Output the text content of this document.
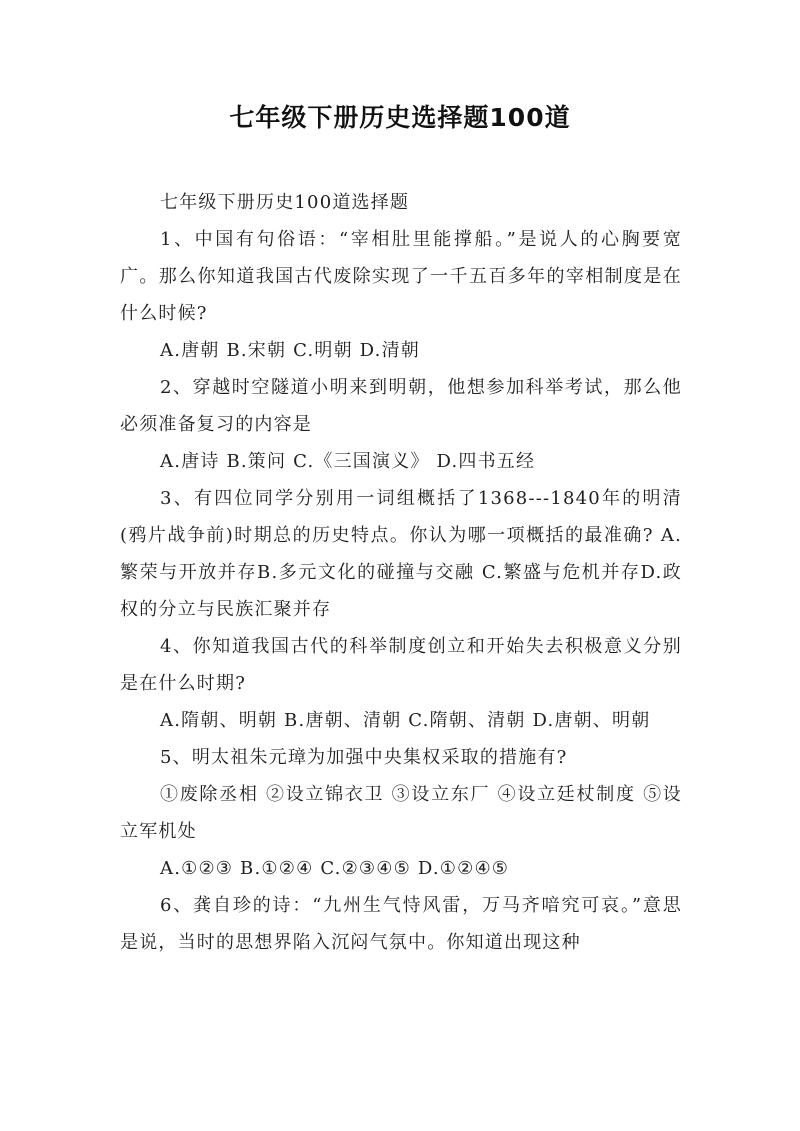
七年级下册历史选择题100道

七年级下册历史100道选择题

1、中国有句俗语：“宰相肚里能撑船。”是说人的心胸要宽广。那么你知道我国古代废除实现了一千五百多年的宰相制度是在什么时候?

A.唐朝 B.宋朝 C.明朝 D.清朝

2、穿越时空隧道小明来到明朝，他想参加科举考试，那么他必须准备复习的内容是

A.唐诗 B.策问 C.《三国演义》 D.四书五经

3、有四位同学分别用一词组概括了1368---1840年的明清(鸦片战争前)时期总的历史特点。你认为哪一项概括的最准确? A.繁荣与开放并存B.多元文化的碰撞与交融 C.繁盛与危机并存D.政权的分立与民族汇聚并存

4、你知道我国古代的科举制度创立和开始失去积极意义分别是在什么时期?

A.隋朝、明朝 B.唐朝、清朝 C.隋朝、清朝 D.唐朝、明朝

5、明太祖朱元璋为加强中央集权采取的措施有?

①废除丞相 ②设立锦衣卫 ③设立东厂 ④设立廷杖制度 ⑤设立军机处

A.①②③ B.①②④ C.②③④⑤ D.①②④⑤

6、龚自珍的诗：“九州生气恃风雷，万马齐喑究可哀。”意思是说，当时的思想界陷入沉闷气氛中。你知道出现这种
